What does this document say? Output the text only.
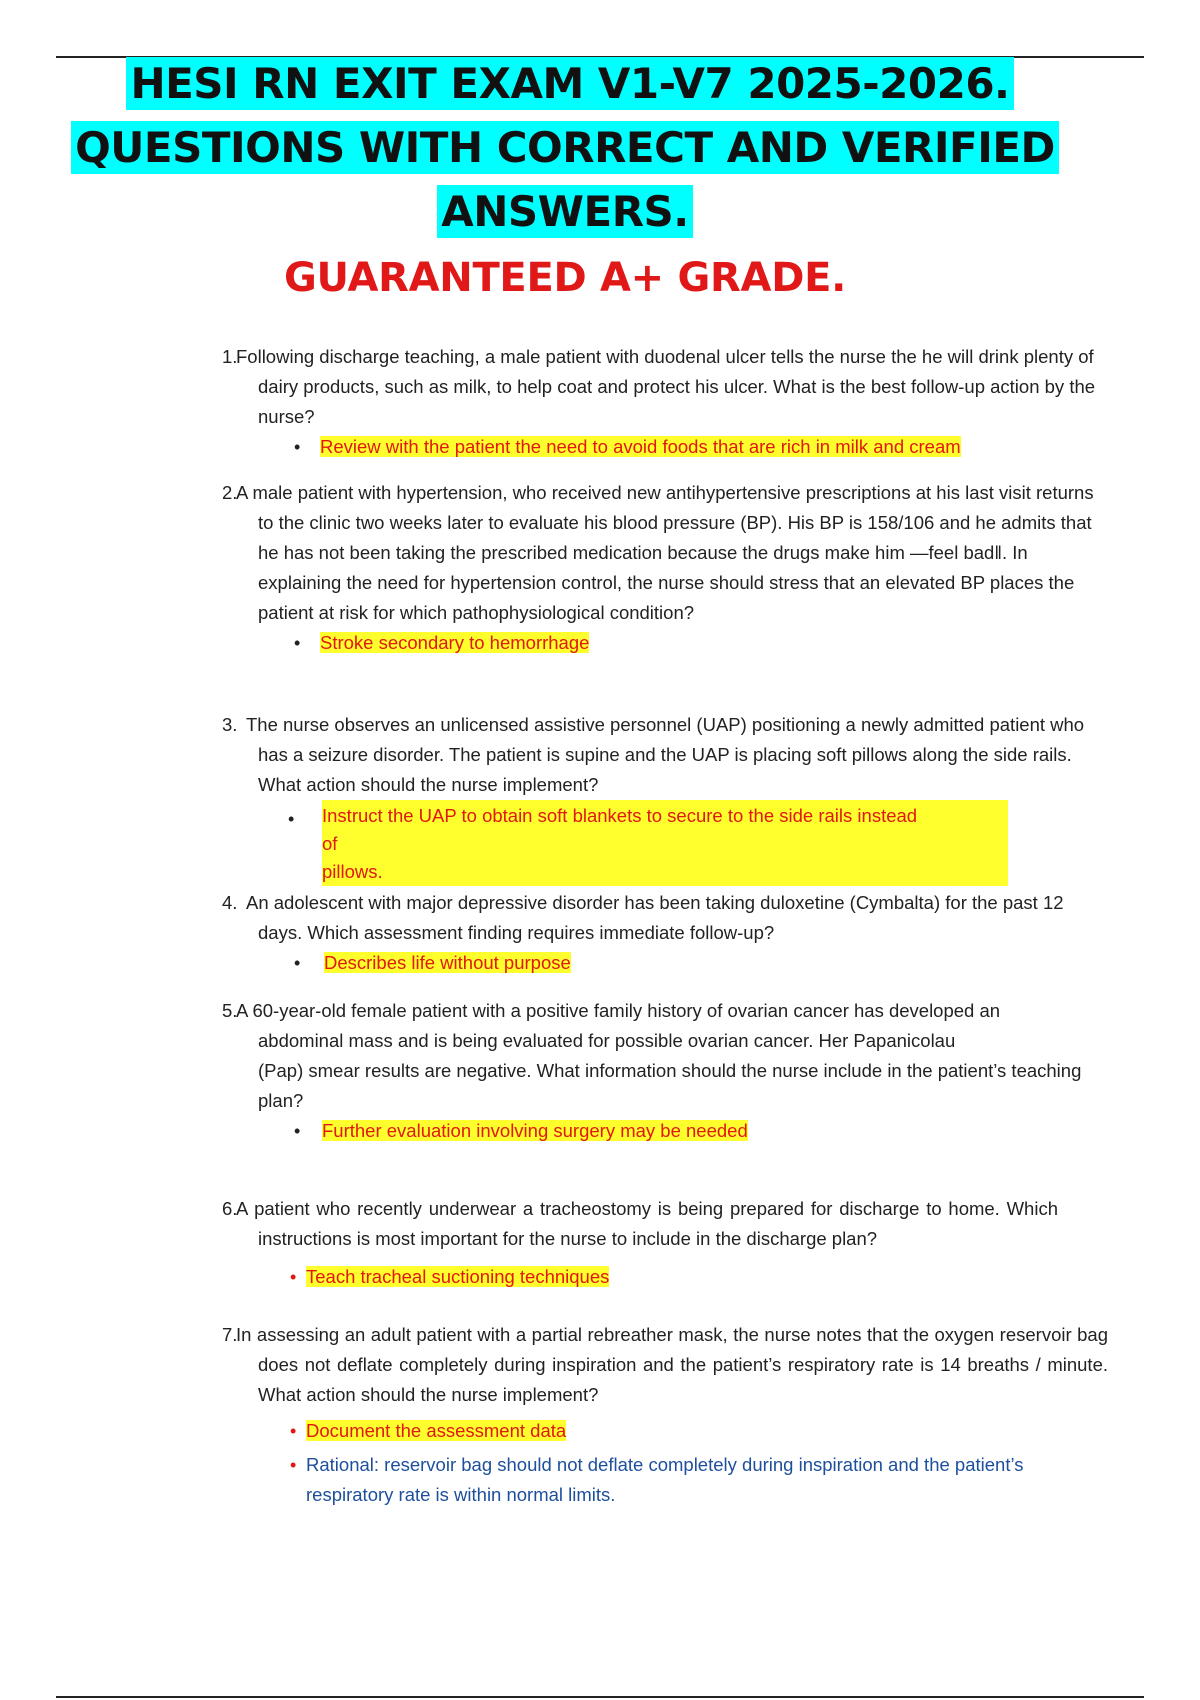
HESI RN EXIT EXAM V1-V7 2025-2026.
QUESTIONS WITH CORRECT AND VERIFIED
ANSWERS.
GUARANTEED A+ GRADE.
1.Following discharge teaching, a male patient with duodenal ulcer tells the nurse the he will drink plenty of dairy products, such as milk, to help coat and protect his ulcer. What is the best follow-up action by the nurse?
• Review with the patient the need to avoid foods that are rich in milk and cream
2.A male patient with hypertension, who received new antihypertensive prescriptions at his last visit returns to the clinic two weeks later to evaluate his blood pressure (BP). His BP is 158/106 and he admits that he has not been taking the prescribed medication because the drugs make him ―feel bad‖. In explaining the need for hypertension control, the nurse should stress that an elevated BP places the patient at risk for which pathophysiological condition?
• Stroke secondary to hemorrhage
3. The nurse observes an unlicensed assistive personnel (UAP) positioning a newly admitted patient who has a seizure disorder. The patient is supine and the UAP is placing soft pillows along the side rails. What action should the nurse implement?
• Instruct the UAP to obtain soft blankets to secure to the side rails instead
of
pillows.
4. An adolescent with major depressive disorder has been taking duloxetine (Cymbalta) for the past 12 days. Which assessment finding requires immediate follow-up?
• Describes life without purpose
5.A 60-year-old female patient with a positive family history of ovarian cancer has developed an abdominal mass and is being evaluated for possible ovarian cancer. Her Papanicolau
(Pap) smear results are negative. What information should the nurse include in the patient’s teaching plan?
• Further evaluation involving surgery may be needed
6.A patient who recently underwear a tracheostomy is being prepared for discharge to home. Which instructions is most important for the nurse to include in the discharge plan?
• Teach tracheal suctioning techniques
7.In assessing an adult patient with a partial rebreather mask, the nurse notes that the oxygen reservoir bag does not deflate completely during inspiration and the patient’s respiratory rate is 14 breaths / minute. What action should the nurse implement?
• Document the assessment data
• Rational: reservoir bag should not deflate completely during inspiration and the patient’s respiratory rate is within normal limits.
